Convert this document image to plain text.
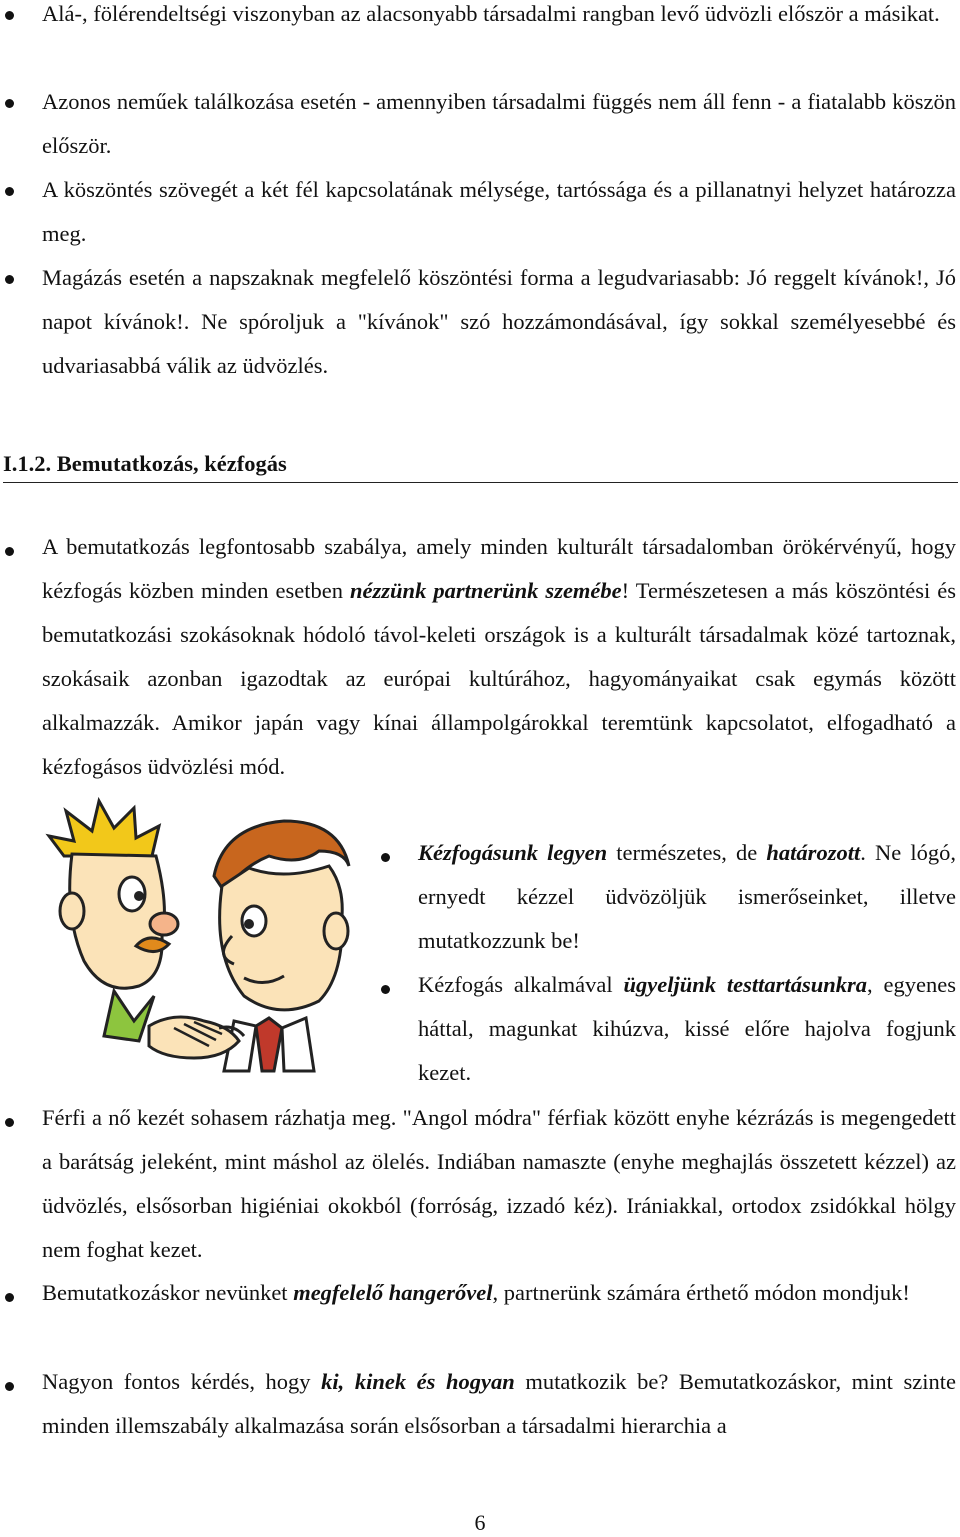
Alá-, fölérendeltségi viszonyban az alacsonyabb társadalmi rangban levő üdvözli először a másikat.
Azonos neműek találkozása esetén - amennyiben társadalmi függés nem áll fenn - a fiatalabb köszön először.
A köszöntés szövegét a két fél kapcsolatának mélysége, tartóssága és a pillanatnyi helyzet határozza meg.
Magázás esetén a napszaknak megfelelő köszöntési forma a legudvariasabb: Jó reggelt kívánok!, Jó napot kívánok!. Ne spóroljuk a "kívánok" szó hozzámondásával, így sokkal személyesebbé és udvariasabbá válik az üdvözlés.
I.1.2. Bemutatkozás, kézfogás
A bemutatkozás legfontosabb szabálya, amely minden kulturált társadalomban örökérvényű, hogy kézfogás közben minden esetben nézzünk partnerünk szemébe! Természetesen a más köszöntési és bemutatkozási szokásoknak hódoló távol-keleti országok is a kulturált társadalmak közé tartoznak, szokásaik azonban igazodtak az európai kultúrához, hagyományaikat csak egymás között alkalmazzák. Amikor japán vagy kínai állampolgárokkal teremtünk kapcsolatot, elfogadható a kézfogásos üdvözlési mód.
Kézfogásunk legyen természetes, de határozott. Ne lógó, ernyedt kézzel üdvözöljük ismerőseinket, illetve mutatkozzunk be!
Kézfogás alkalmával ügyeljünk testtartásunkra, egyenes háttal, magunkat kihúzva, kissé előre hajolva fogjunk kezet.
Férfi a nő kezét sohasem rázhatja meg. "Angol módra" férfiak között enyhe kézrázás is megengedett a barátság jeleként, mint máshol az ölelés. Indiában namaszte (enyhe meghajlás összetett kézzel) az üdvözlés, elsősorban higiéniai okokból (forróság, izzadó kéz). Irániakkal, ortodox zsidókkal hölgy nem foghat kezet.
Bemutatkozáskor nevünket megfelelő hangerővel, partnerünk számára érthető módon mondjuk!
Nagyon fontos kérdés, hogy ki, kinek és hogyan mutatkozik be? Bemutatkozáskor, mint szinte minden illemszabály alkalmazása során elsősorban a társadalmi hierarchia a
6
